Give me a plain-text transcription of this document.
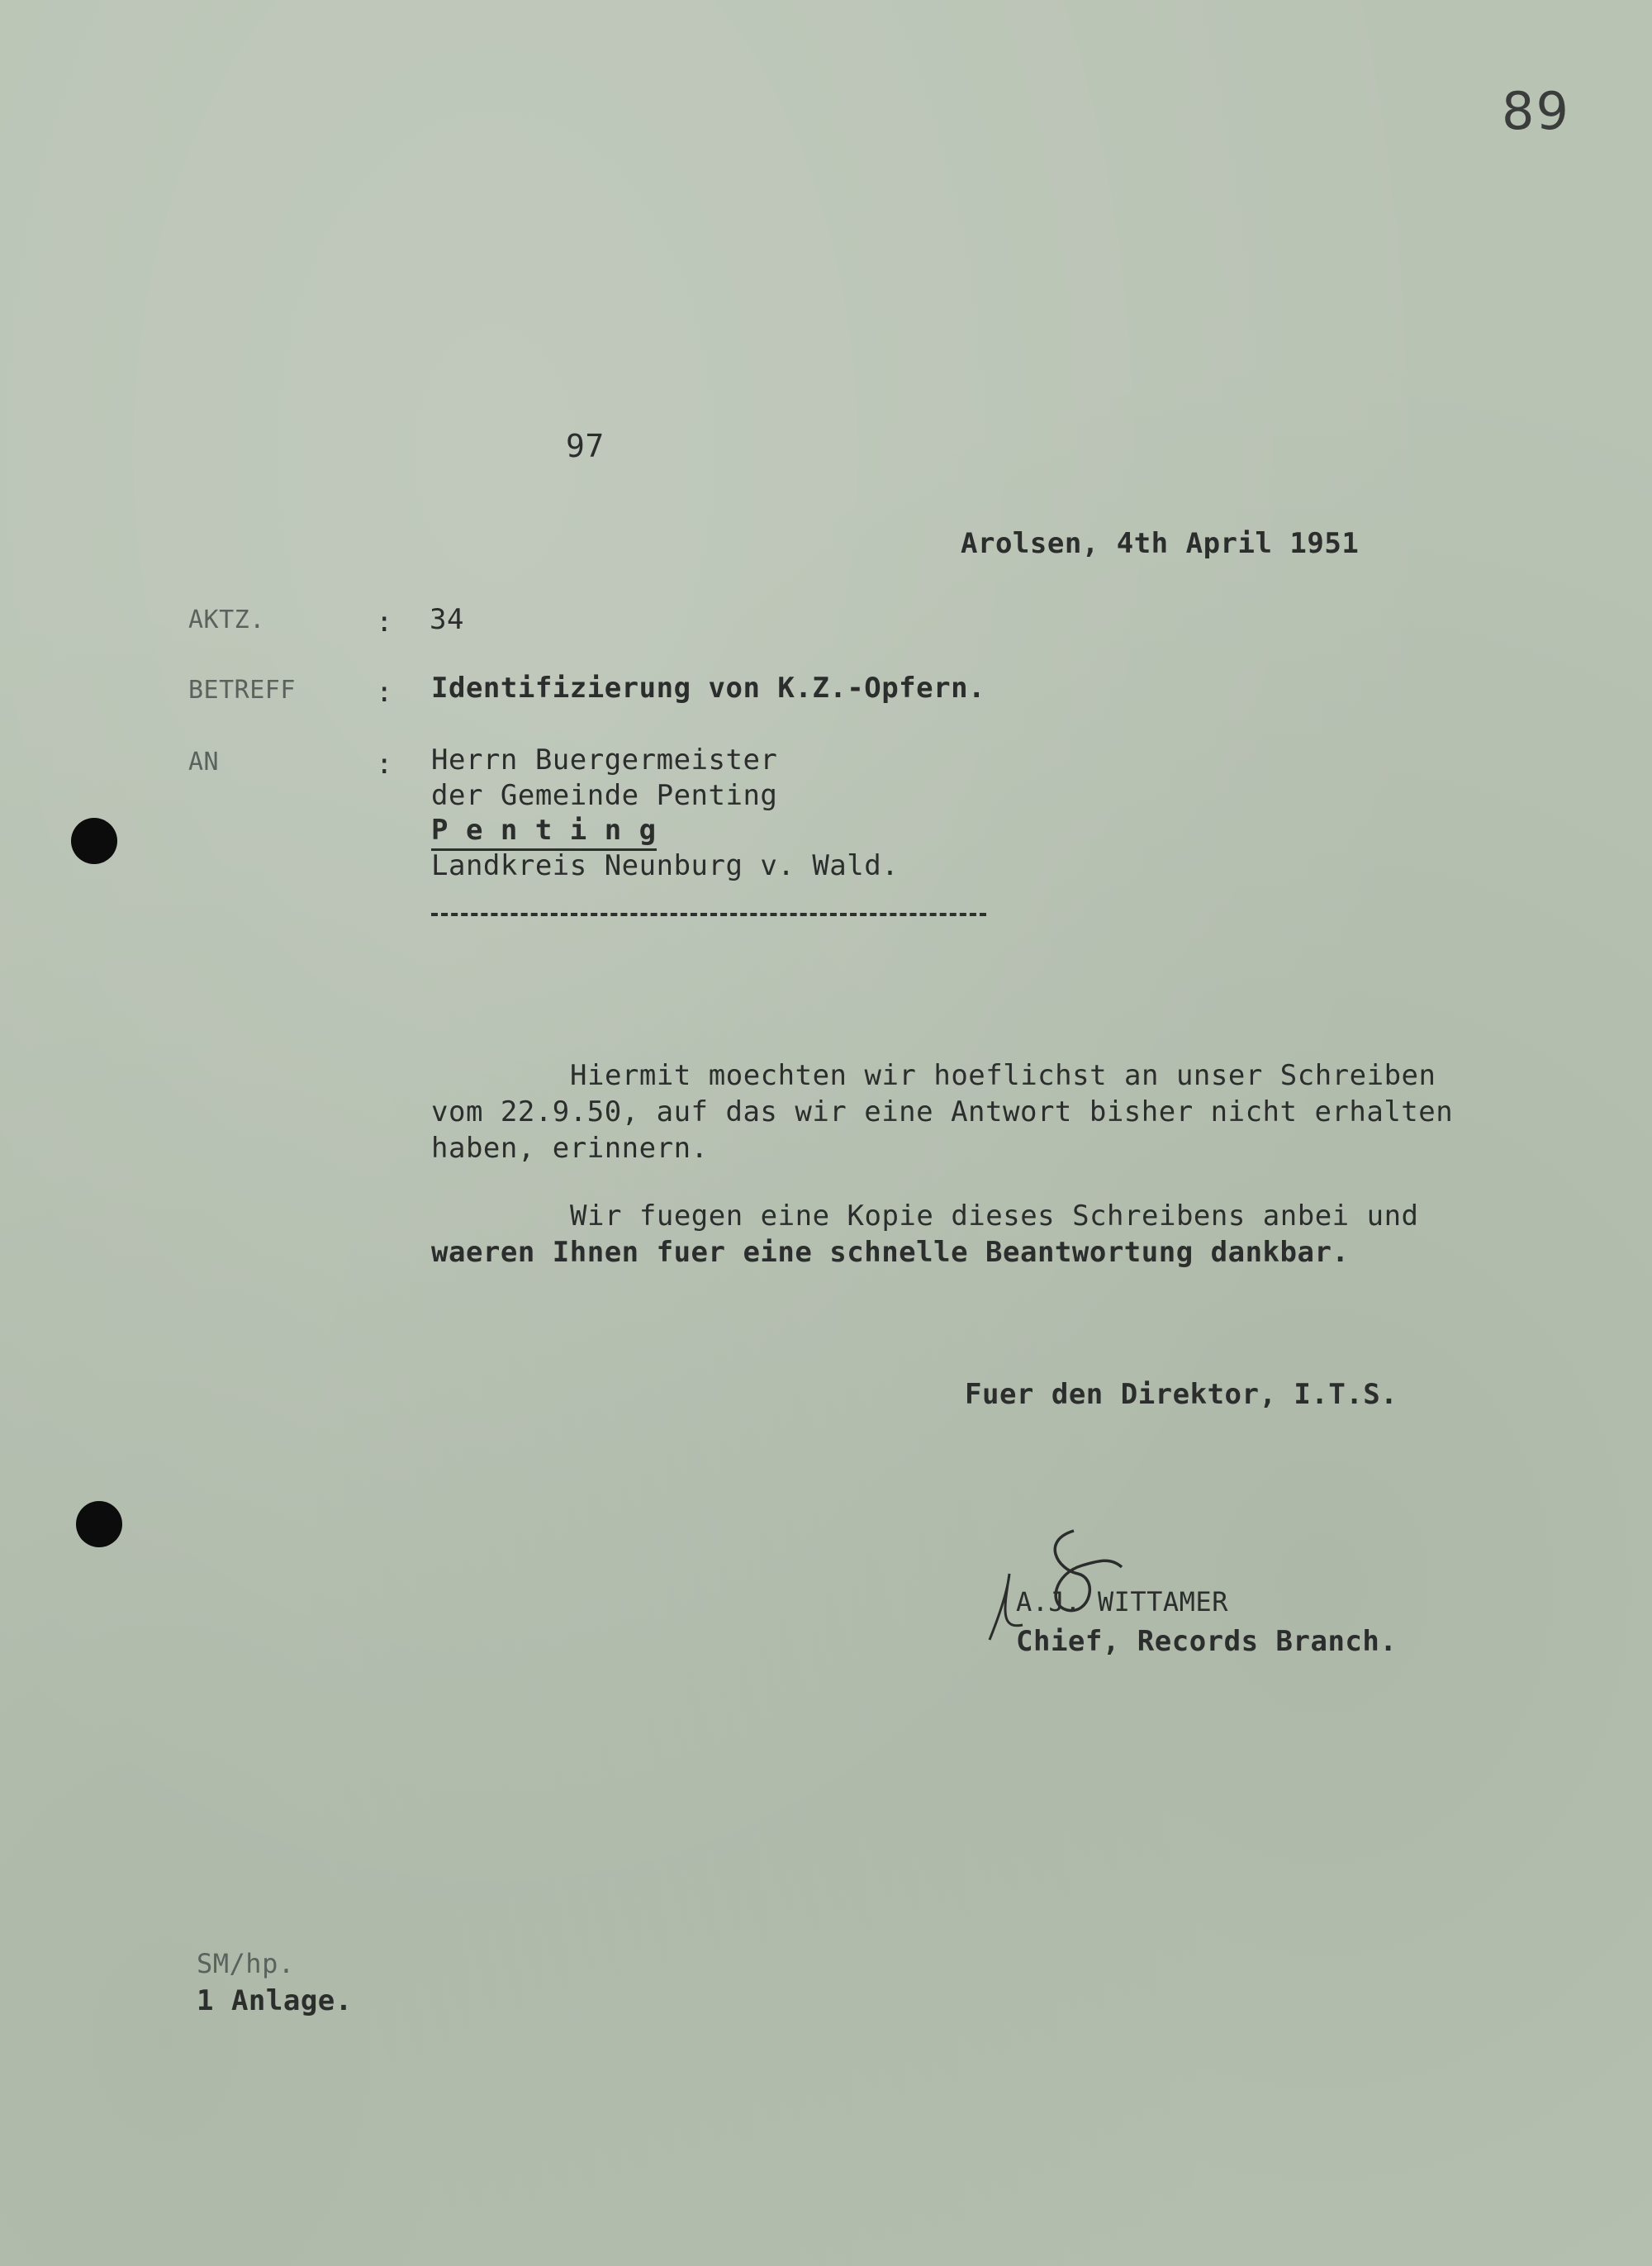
89
97
Arolsen, 4th April 1951
AKTZ.	: 34
BETREFF	: Identifizierung von K.Z.-Opfern.
AN	: Herrn Buergermeister
der Gemeinde Penting
P e n t i n g
Landkreis Neunburg v. Wald.
Hiermit moechten wir hoeflichst an unser Schreiben
vom 22.9.50, auf das wir eine Antwort bisher nicht erhalten
haben, erinnern.
Wir fuegen eine Kopie dieses Schreibens anbei und
waeren Ihnen fuer eine schnelle Beantwortung dankbar.
Fuer den Direktor, I.T.S.
A.J. WITTAMER
Chief, Records Branch.
SM/hp.
1 Anlage.
